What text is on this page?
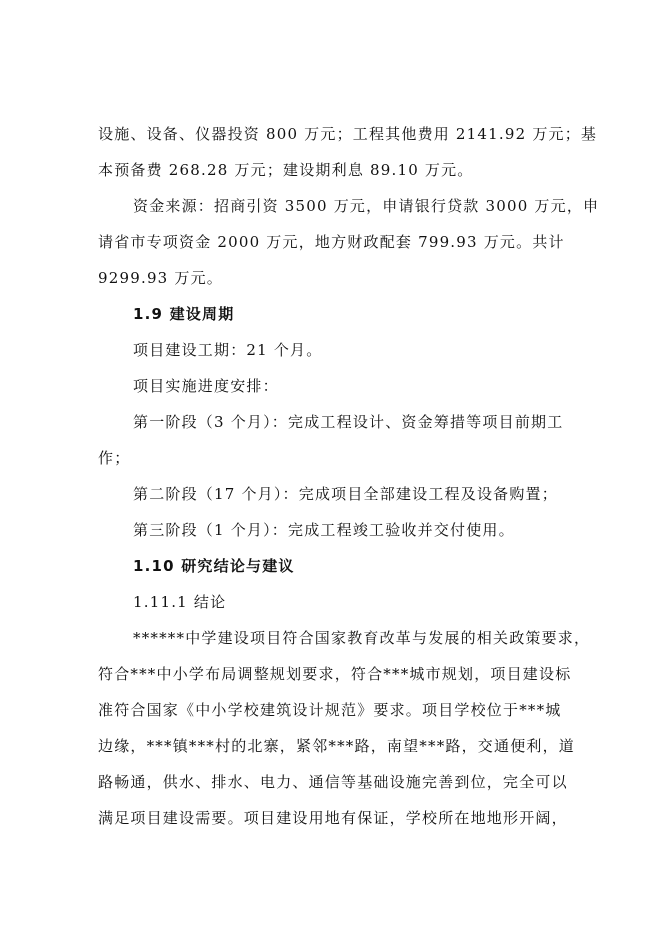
设施、设备、仪器投资 800 万元；工程其他费用 2141.92 万元；基
本预备费 268.28 万元；建设期利息 89.10 万元。
资金来源：招商引资 3500 万元，申请银行贷款 3000 万元，申
请省市专项资金 2000 万元，地方财政配套 799.93 万元。共计
9299.93 万元。
1.9 建设周期
项目建设工期：21 个月。
项目实施进度安排：
第一阶段（3 个月）：完成工程设计、资金筹措等项目前期工
作；
第二阶段（17 个月）：完成项目全部建设工程及设备购置；
第三阶段（1 个月）：完成工程竣工验收并交付使用。
1.10 研究结论与建议
1.11.1 结论
******中学建设项目符合国家教育改革与发展的相关政策要求，
符合***中小学布局调整规划要求，符合***城市规划，项目建设标
准符合国家《中小学校建筑设计规范》要求。项目学校位于***城
边缘，***镇***村的北寨，紧邻***路，南望***路，交通便利，道
路畅通，供水、排水、电力、通信等基础设施完善到位，完全可以
满足项目建设需要。项目建设用地有保证，学校所在地地形开阔，
